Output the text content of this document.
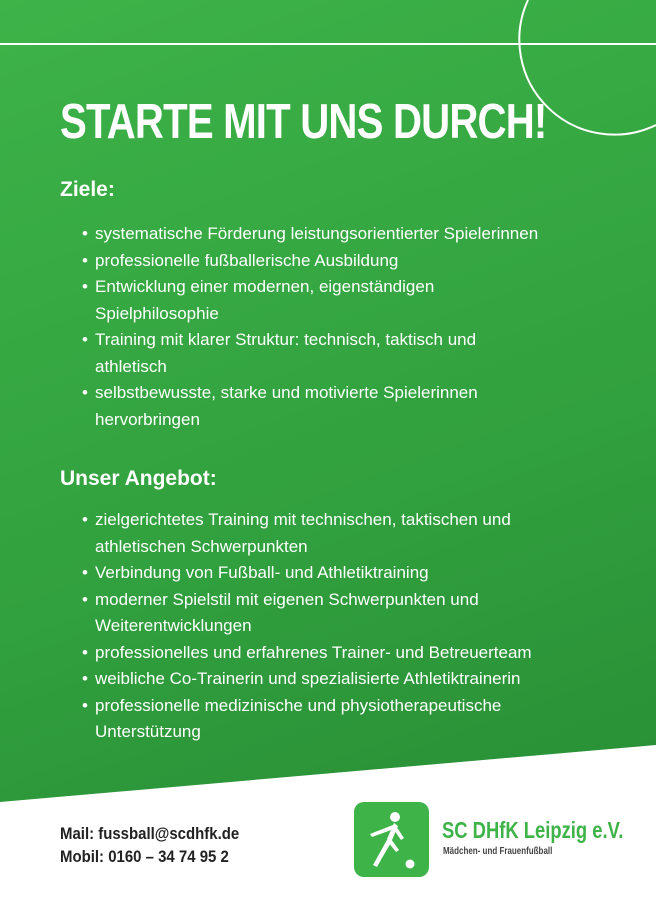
STARTE MIT UNS DURCH!
Ziele:
• systematische Förderung leistungsorientierter Spielerinnen
• professionelle fußballerische Ausbildung
• Entwicklung einer modernen, eigenständigen Spielphilosophie
• Training mit klarer Struktur: technisch, taktisch und athletisch
• selbstbewusste, starke und motivierte Spielerinnen hervorbringen
Unser Angebot:
• zielgerichtetes Training mit technischen, taktischen und athletischen Schwerpunkten
• Verbindung von Fußball- und Athletiktraining
• moderner Spielstil mit eigenen Schwerpunkten und Weiterentwicklungen
• professionelles und erfahrenes Trainer- und Betreuerteam
• weibliche Co-Trainerin und spezialisierte Athletiktrainerin
• professionelle medizinische und physiotherapeutische Unterstützung
Mail: fussball@scdhfk.de
Mobil: 0160 – 34 74 95 2
SC DHfK Leipzig e.V.
Mädchen- und Frauenfußball
